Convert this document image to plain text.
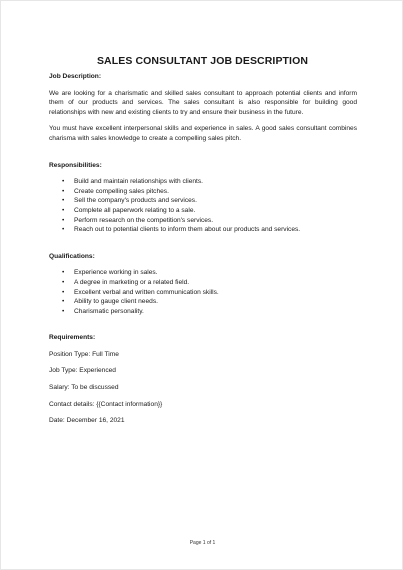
SALES CONSULTANT JOB DESCRIPTION

Job Description:

We are looking for a charismatic and skilled sales consultant to approach potential clients and inform them of our products and services. The sales consultant is also responsible for building good relationships with new and existing clients to try and ensure their business in the future.

You must have excellent interpersonal skills and experience in sales. A good sales consultant combines charisma with sales knowledge to create a compelling sales pitch.

Responsibilities:

• Build and maintain relationships with clients.
• Create compelling sales pitches.
• Sell the company's products and services.
• Complete all paperwork relating to a sale.
• Perform research on the competition's services.
• Reach out to potential clients to inform them about our products and services.

Qualifications:

• Experience working in sales.
• A degree in marketing or a related field.
• Excellent verbal and written communication skills.
• Ability to gauge client needs.
• Charismatic personality.

Requirements:

Position Type: Full Time

Job Type: Experienced

Salary: To be discussed

Contact details: {{Contact information}}

Date: December 16, 2021

Page 1 of 1
